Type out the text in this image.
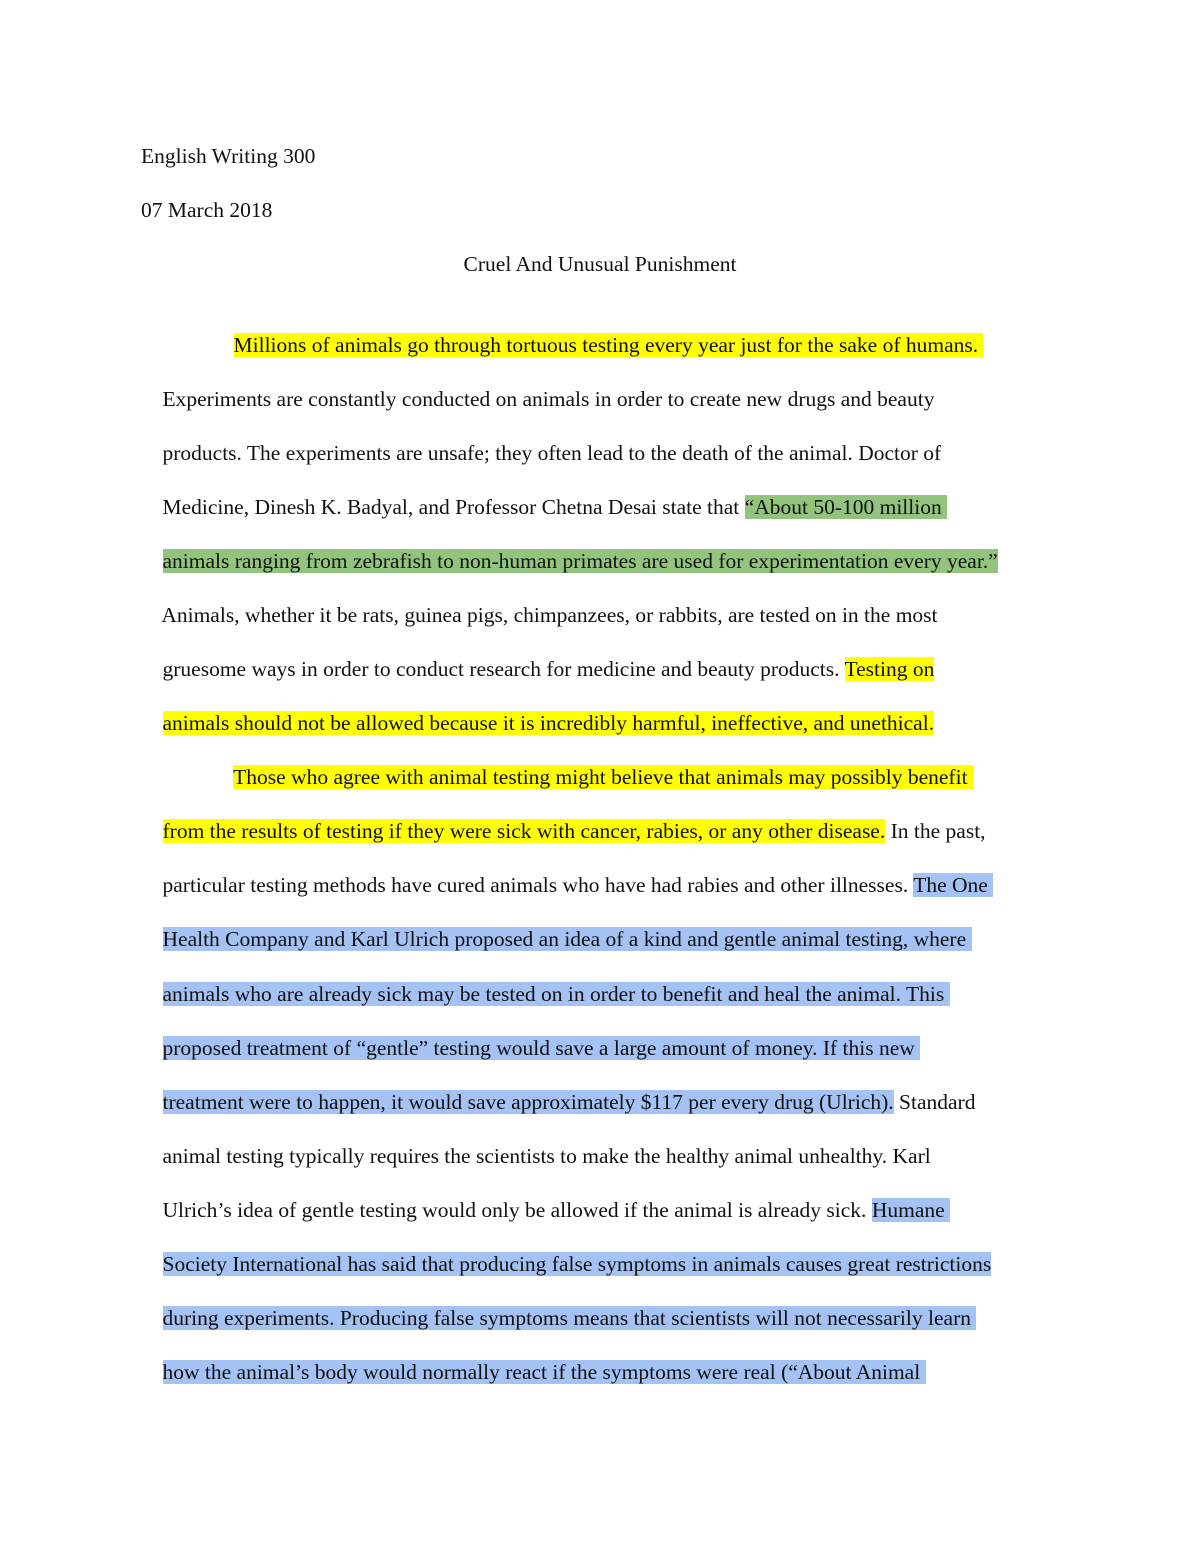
English Writing 300
07 March 2018
Cruel And Unusual Punishment

Millions of animals go through tortuous testing every year just for the sake of humans.

Experiments are constantly conducted on animals in order to create new drugs and beauty

products. The experiments are unsafe; they often lead to the death of the animal. Doctor of

Medicine, Dinesh K. Badyal, and Professor Chetna Desai state that “About 50-100 million

animals ranging from zebrafish to non-human primates are used for experimentation every year.”

Animals, whether it be rats, guinea pigs, chimpanzees, or rabbits, are tested on in the most

gruesome ways in order to conduct research for medicine and beauty products. Testing on

animals should not be allowed because it is incredibly harmful, ineffective, and unethical.

Those who agree with animal testing might believe that animals may possibly benefit

from the results of testing if they were sick with cancer, rabies, or any other disease. In the past,

particular testing methods have cured animals who have had rabies and other illnesses. The One

Health Company and Karl Ulrich proposed an idea of a kind and gentle animal testing, where

animals who are already sick may be tested on in order to benefit and heal the animal. This

proposed treatment of “gentle” testing would save a large amount of money. If this new

treatment were to happen, it would save approximately $117 per every drug (Ulrich). Standard

animal testing typically requires the scientists to make the healthy animal unhealthy. Karl

Ulrich’s idea of gentle testing would only be allowed if the animal is already sick. Humane

Society International has said that producing false symptoms in animals causes great restrictions

during experiments. Producing false symptoms means that scientists will not necessarily learn

how the animal’s body would normally react if the symptoms were real (“About Animal
